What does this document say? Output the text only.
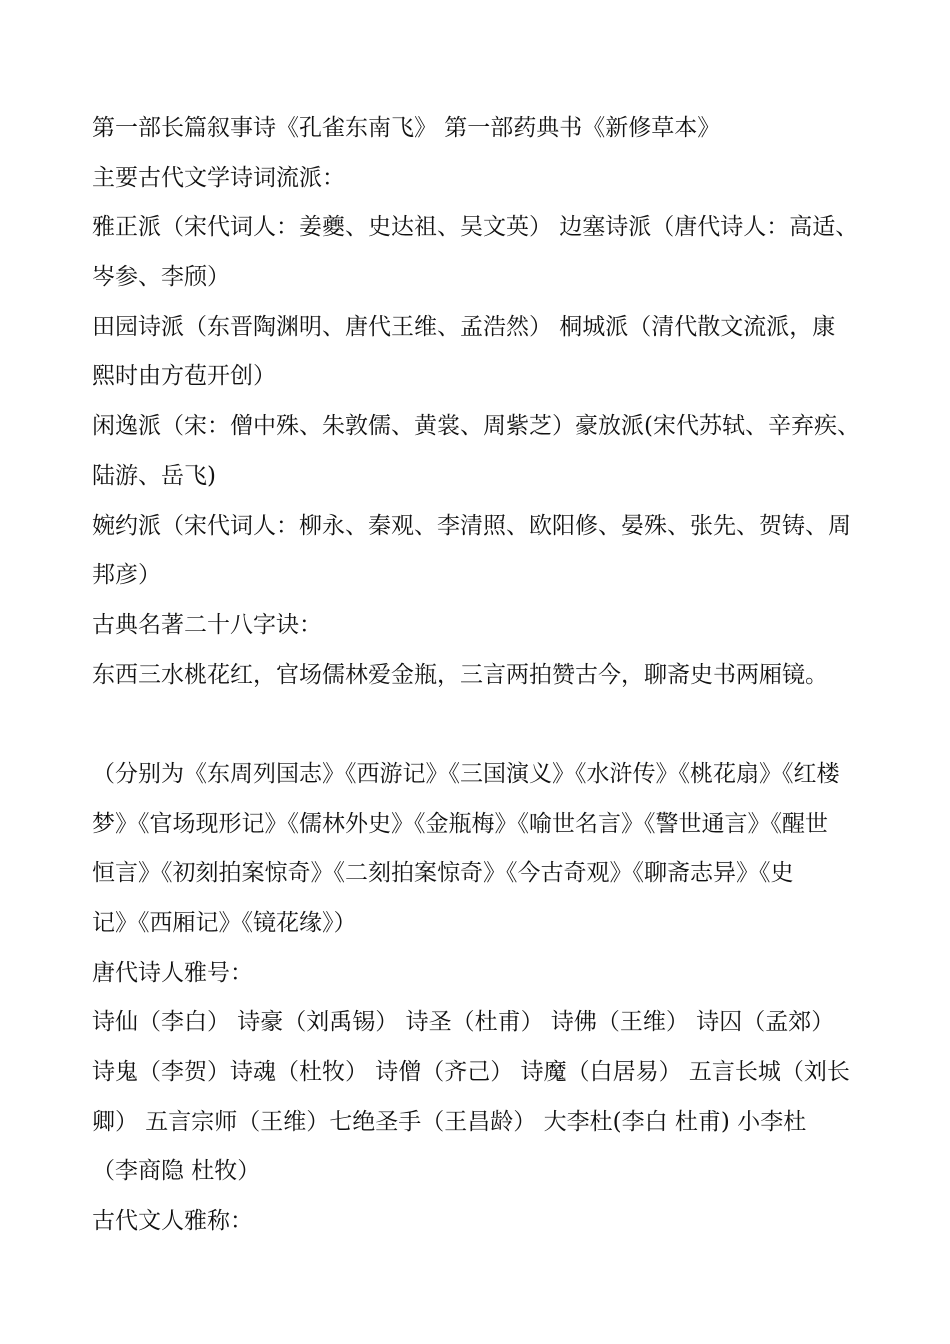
第一部长篇叙事诗《孔雀东南飞》 第一部药典书《新修草本》

主要古代文学诗词流派：

雅正派（宋代词人：姜夔、史达祖、吴文英） 边塞诗派（唐代诗人：高适、

岑参、李颀）

田园诗派（东晋陶渊明、唐代王维、孟浩然） 桐城派（清代散文流派，康

熙时由方苞开创）

闲逸派（宋：僧中殊、朱敦儒、黄裳、周紫芝）豪放派(宋代苏轼、辛弃疾、

陆游、岳飞)

婉约派（宋代词人：柳永、秦观、李清照、欧阳修、晏殊、张先、贺铸、周

邦彦）

古典名著二十八字诀：

东西三水桃花红，官场儒林爱金瓶，三言两拍赞古今，聊斋史书两厢镜。

（分别为《东周列国志》《西游记》《三国演义》《水浒传》《桃花扇》《红楼

梦》《官场现形记》《儒林外史》《金瓶梅》《喻世名言》《警世通言》《醒世

恒言》《初刻拍案惊奇》《二刻拍案惊奇》《今古奇观》《聊斋志异》《史

记》《西厢记》《镜花缘》）

唐代诗人雅号：

诗仙（李白） 诗豪（刘禹锡） 诗圣（杜甫） 诗佛（王维） 诗囚（孟郊）

诗鬼（李贺）诗魂（杜牧） 诗僧（齐己） 诗魔（白居易） 五言长城（刘长

卿） 五言宗师（王维）七绝圣手（王昌龄） 大李杜(李白 杜甫) 小李杜

（李商隐 杜牧）

古代文人雅称：
